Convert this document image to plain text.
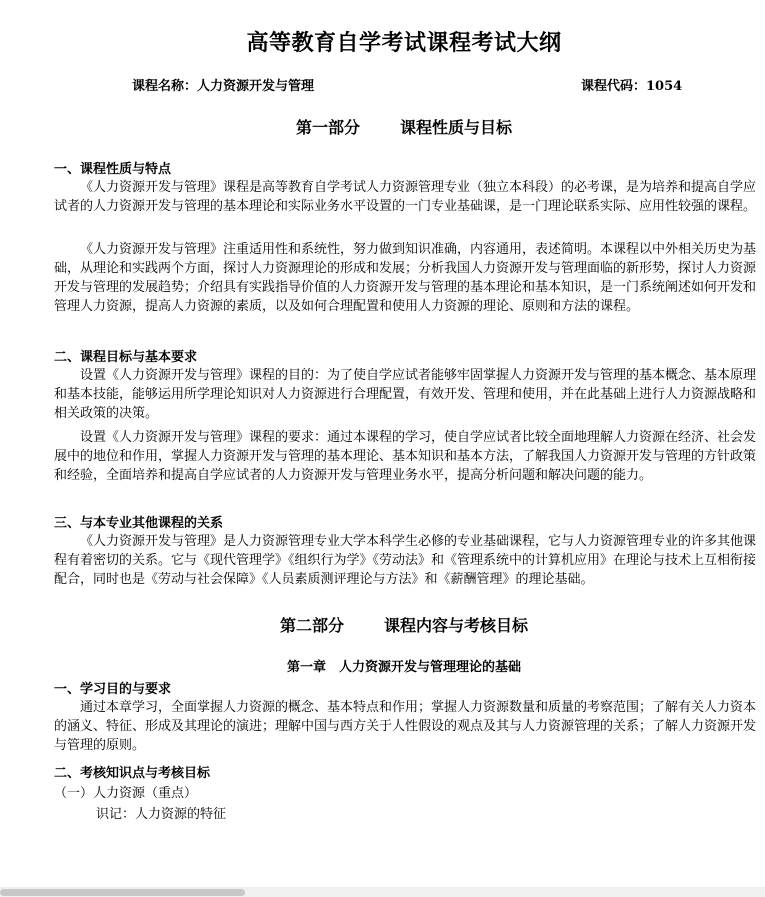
高等教育自学考试课程考试大纲
课程名称：人力资源开发与管理	课程代码：1054
第一部分	课程性质与目标
一、课程性质与特点
《人力资源开发与管理》课程是高等教育自学考试人力资源管理专业（独立本科段）的必考课，是为培养和提高自学应试者的人力资源开发与管理的基本理论和实际业务水平设置的一门专业基础课，是一门理论联系实际、应用性较强的课程。
《人力资源开发与管理》注重适用性和系统性，努力做到知识准确，内容通用，表述简明。本课程以中外相关历史为基础，从理论和实践两个方面，探讨人力资源理论的形成和发展；分析我国人力资源开发与管理面临的新形势，探讨人力资源开发与管理的发展趋势；介绍具有实践指导价值的人力资源开发与管理的基本理论和基本知识，是一门系统阐述如何开发和管理人力资源，提高人力资源的素质，以及如何合理配置和使用人力资源的理论、原则和方法的课程。
二、课程目标与基本要求
设置《人力资源开发与管理》课程的目的：为了使自学应试者能够牢固掌握人力资源开发与管理的基本概念、基本原理和基本技能，能够运用所学理论知识对人力资源进行合理配置，有效开发、管理和使用，并在此基础上进行人力资源战略和相关政策的决策。
设置《人力资源开发与管理》课程的要求：通过本课程的学习，使自学应试者比较全面地理解人力资源在经济、社会发展中的地位和作用，掌握人力资源开发与管理的基本理论、基本知识和基本方法，了解我国人力资源开发与管理的方针政策和经验，全面培养和提高自学应试者的人力资源开发与管理业务水平，提高分析问题和解决问题的能力。
三、与本专业其他课程的关系
《人力资源开发与管理》是人力资源管理专业大学本科学生必修的专业基础课程，它与人力资源管理专业的许多其他课程有着密切的关系。它与《现代管理学》《组织行为学》《劳动法》和《管理系统中的计算机应用》在理论与技术上互相衔接配合，同时也是《劳动与社会保障》《人员素质测评理论与方法》和《薪酬管理》的理论基础。
第二部分	课程内容与考核目标
第一章　人力资源开发与管理理论的基础
一、学习目的与要求
通过本章学习，全面掌握人力资源的概念、基本特点和作用；掌握人力资源数量和质量的考察范围；了解有关人力资本的涵义、特征、形成及其理论的演进；理解中国与西方关于人性假设的观点及其与人力资源管理的关系；了解人力资源开发与管理的原则。
二、考核知识点与考核目标
（一）人力资源（重点）
识记：人力资源的特征
